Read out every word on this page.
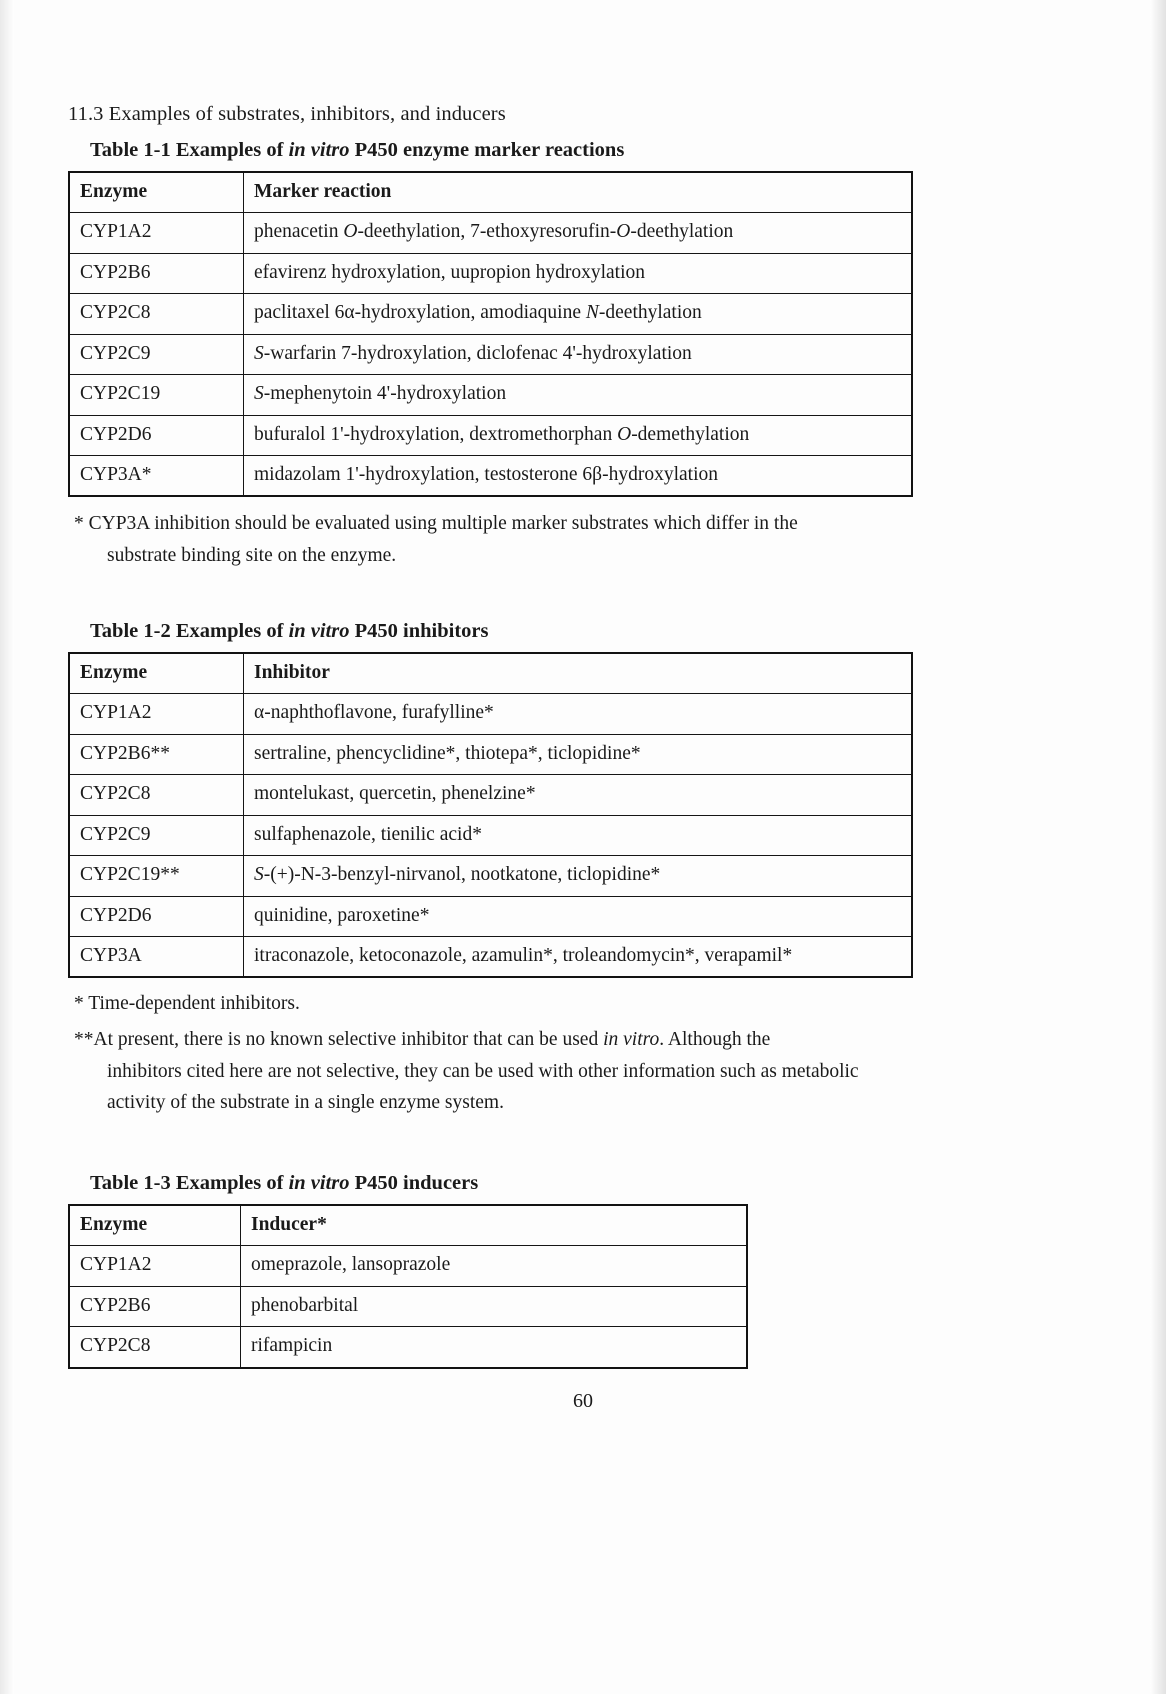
11.3 Examples of substrates, inhibitors, and inducers
Table 1-1 Examples of in vitro P450 enzyme marker reactions
Enzyme	Marker reaction
CYP1A2	phenacetin O-deethylation, 7-ethoxyresorufin-O-deethylation
CYP2B6	efavirenz hydroxylation, uupropion hydroxylation
CYP2C8	paclitaxel 6α-hydroxylation, amodiaquine N-deethylation
CYP2C9	S-warfarin 7-hydroxylation, diclofenac 4'-hydroxylation
CYP2C19	S-mephenytoin 4'-hydroxylation
CYP2D6	bufuralol 1'-hydroxylation, dextromethorphan O-demethylation
CYP3A*	midazolam 1'-hydroxylation, testosterone 6β-hydroxylation
* CYP3A inhibition should be evaluated using multiple marker substrates which differ in the
substrate binding site on the enzyme.
Table 1-2 Examples of in vitro P450 inhibitors
Enzyme	Inhibitor
CYP1A2	α-naphthoflavone, furafylline*
CYP2B6**	sertraline, phencyclidine*, thiotepa*, ticlopidine*
CYP2C8	montelukast, quercetin, phenelzine*
CYP2C9	sulfaphenazole, tienilic acid*
CYP2C19**	S-(+)-N-3-benzyl-nirvanol, nootkatone, ticlopidine*
CYP2D6	quinidine, paroxetine*
CYP3A	itraconazole, ketoconazole, azamulin*, troleandomycin*, verapamil*
* Time-dependent inhibitors.
**At present, there is no known selective inhibitor that can be used in vitro. Although the
inhibitors cited here are not selective, they can be used with other information such as metabolic
activity of the substrate in a single enzyme system.
Table 1-3 Examples of in vitro P450 inducers
Enzyme	Inducer*
CYP1A2	omeprazole, lansoprazole
CYP2B6	phenobarbital
CYP2C8	rifampicin
60
